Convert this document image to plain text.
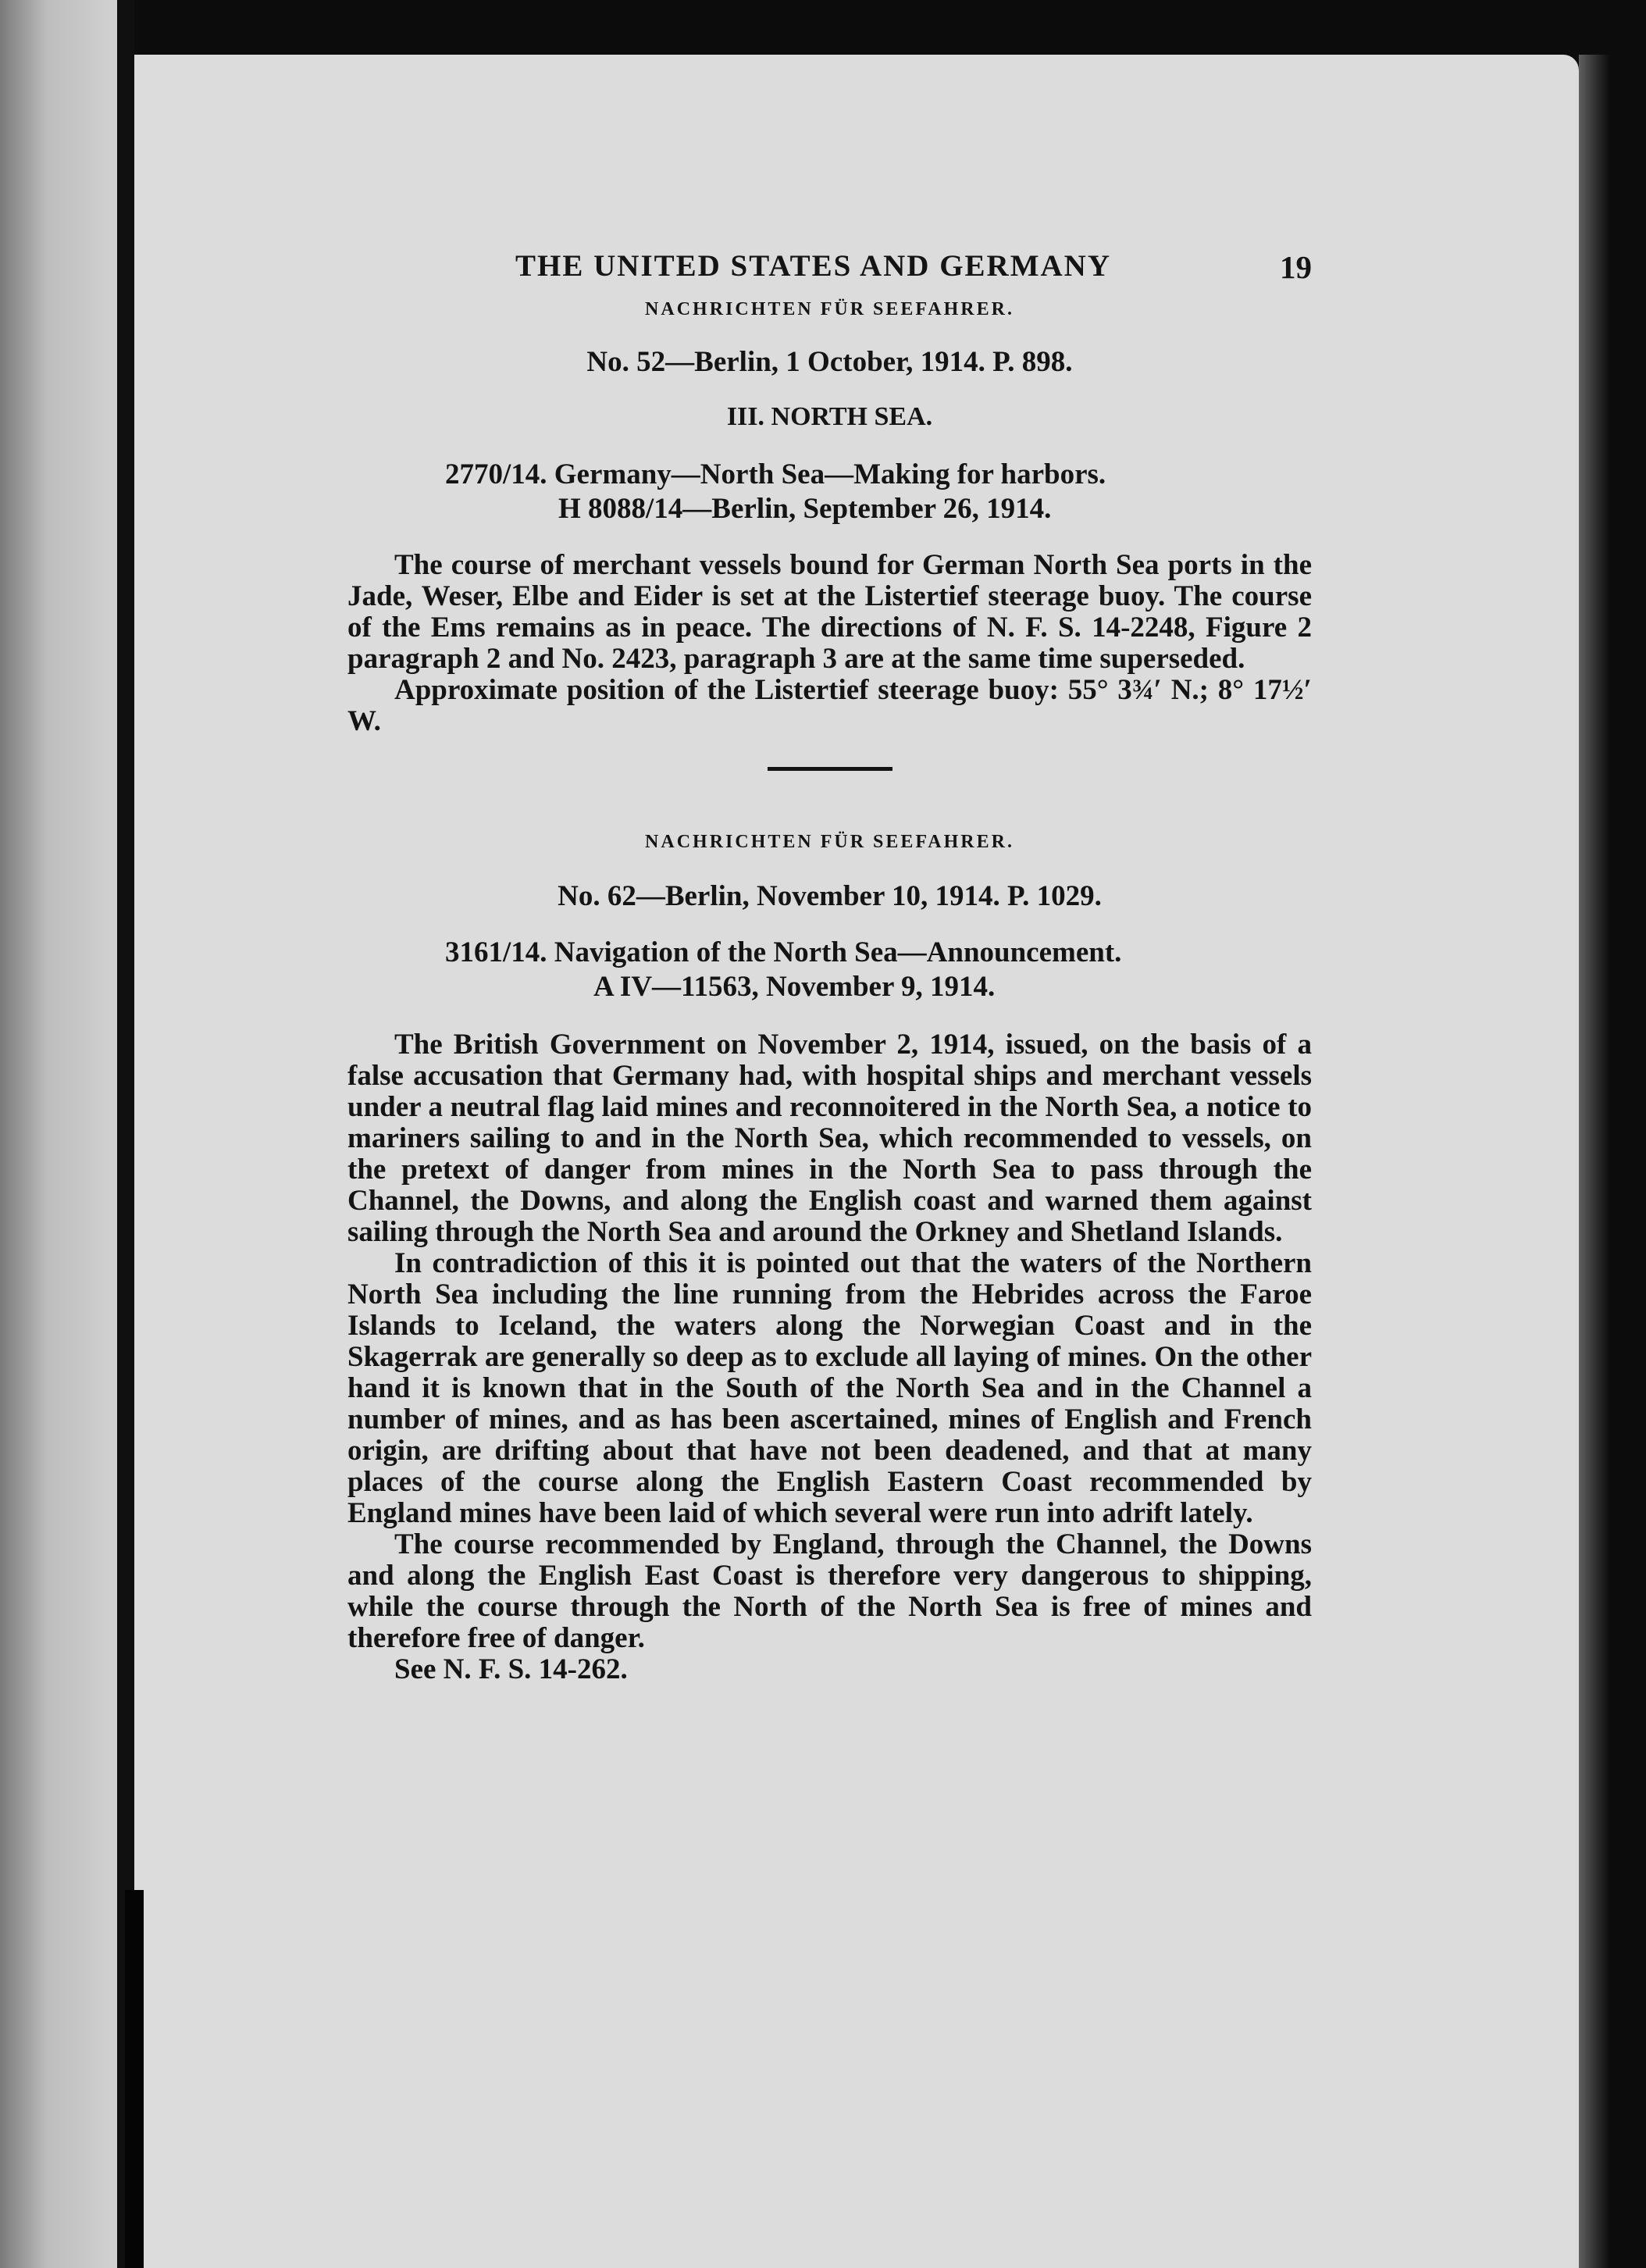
THE UNITED STATES AND GERMANY	19
NACHRICHTEN FÜR SEEFAHRER.

No. 52—Berlin, 1 October, 1914. P. 898.

III. NORTH SEA.

2770/14. Germany—North Sea—Making for harbors.

H 8088/14—Berlin, September 26, 1914.

The course of merchant vessels bound for German North Sea ports in the Jade, Weser, Elbe and Eider is set at the Listertief steerage buoy. The course of the Ems remains as in peace. The directions of N. F. S. 14-2248, Figure 2 paragraph 2 and No. 2423, paragraph 3 are at the same time superseded.

Approximate position of the Listertief steerage buoy: 55° 3¾′ N.; 8° 17½′ W.

NACHRICHTEN FÜR SEEFAHRER.

No. 62—Berlin, November 10, 1914. P. 1029.

3161/14. Navigation of the North Sea—Announcement.

A IV—11563, November 9, 1914.

The British Government on November 2, 1914, issued, on the basis of a false accusation that Germany had, with hospital ships and merchant vessels under a neutral flag laid mines and reconnoitered in the North Sea, a notice to mariners sailing to and in the North Sea, which recommended to vessels, on the pretext of danger from mines in the North Sea to pass through the Channel, the Downs, and along the English coast and warned them against sailing through the North Sea and around the Orkney and Shetland Islands.

In contradiction of this it is pointed out that the waters of the Northern North Sea including the line running from the Hebrides across the Faroe Islands to Iceland, the waters along the Norwegian Coast and in the Skagerrak are generally so deep as to exclude all laying of mines. On the other hand it is known that in the South of the North Sea and in the Channel a number of mines, and as has been ascertained, mines of English and French origin, are drifting about that have not been deadened, and that at many places of the course along the English Eastern Coast recommended by England mines have been laid of which several were run into adrift lately.

The course recommended by England, through the Channel, the Downs and along the English East Coast is therefore very dangerous to shipping, while the course through the North of the North Sea is free of mines and therefore free of danger.

See N. F. S. 14-262.
